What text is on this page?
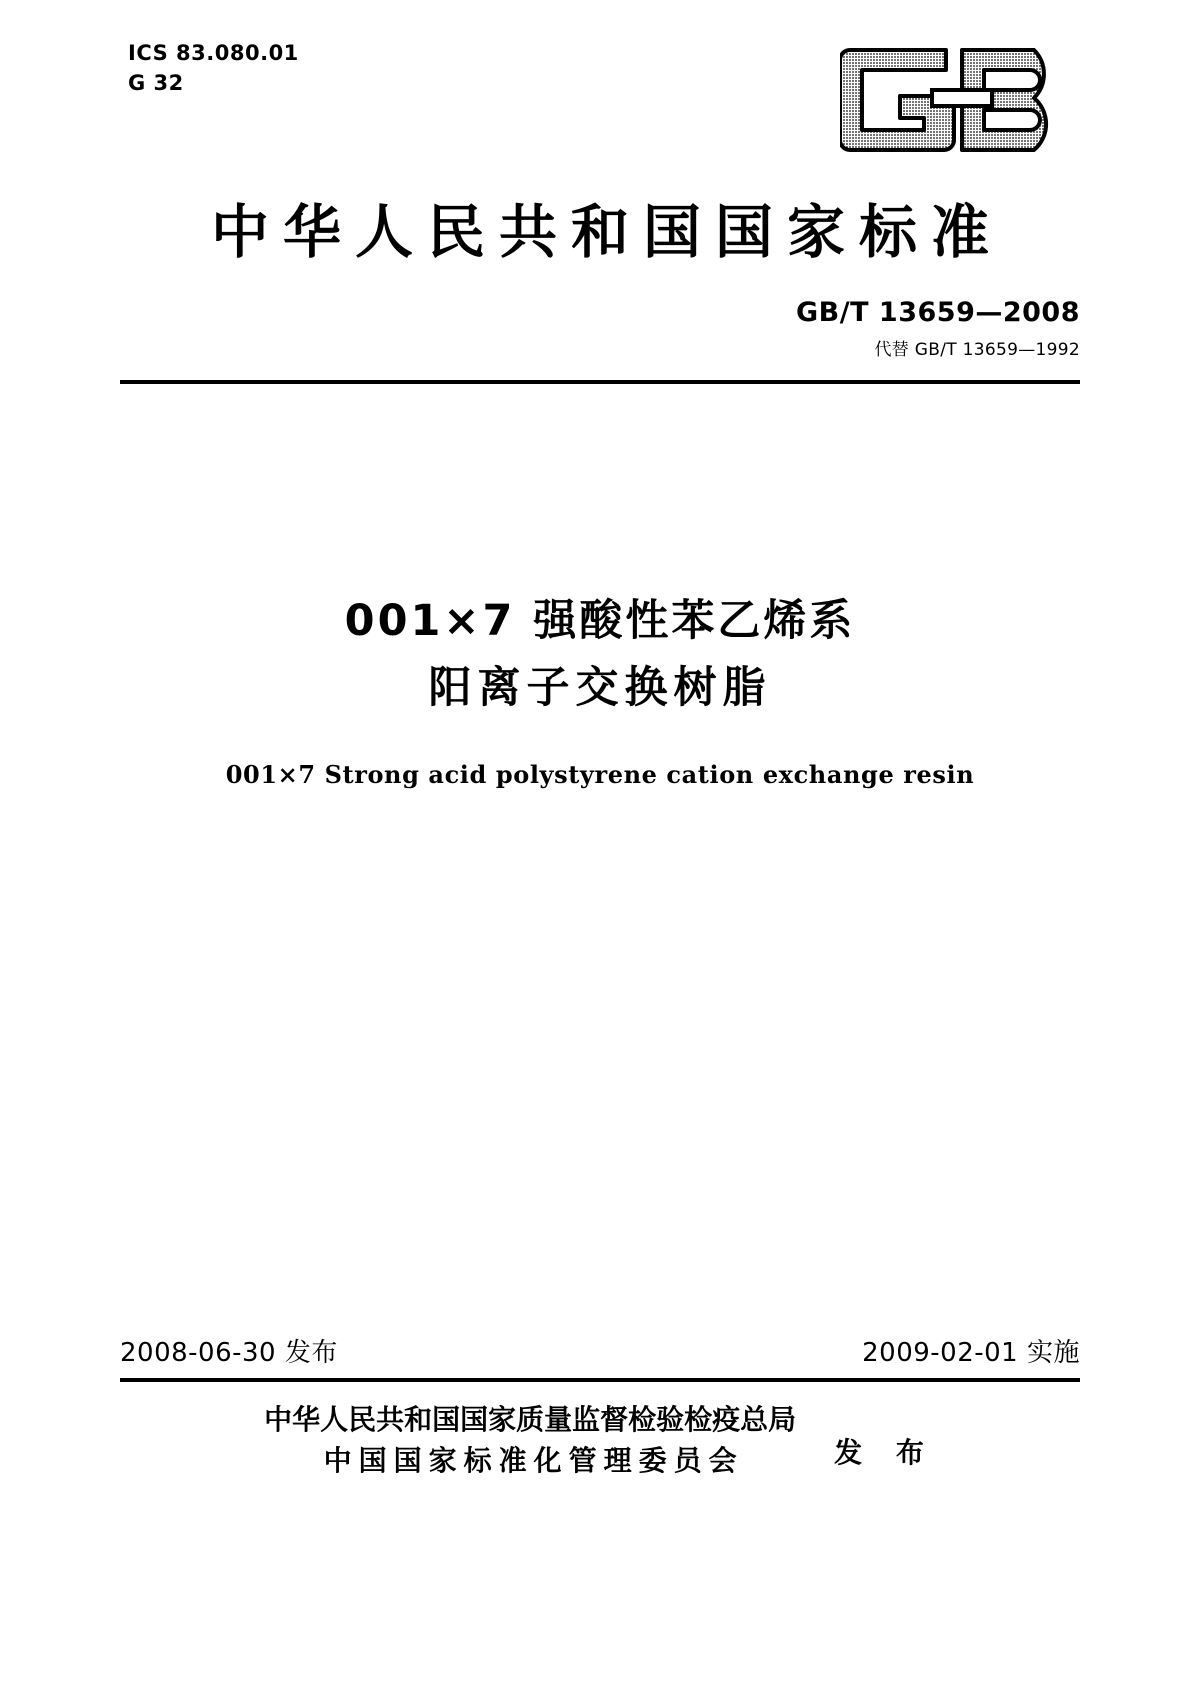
ICS 83.080.01
G 32
中华人民共和国国家标准
GB/T 13659—2008
代替 GB/T 13659—1992
001×7 强酸性苯乙烯系
阳离子交换树脂
001×7 Strong acid polystyrene cation exchange resin
2008-06-30 发布	2009-02-01 实施
中华人民共和国国家质量监督检验检疫总局
中国国家标准化管理委员会	发 布
